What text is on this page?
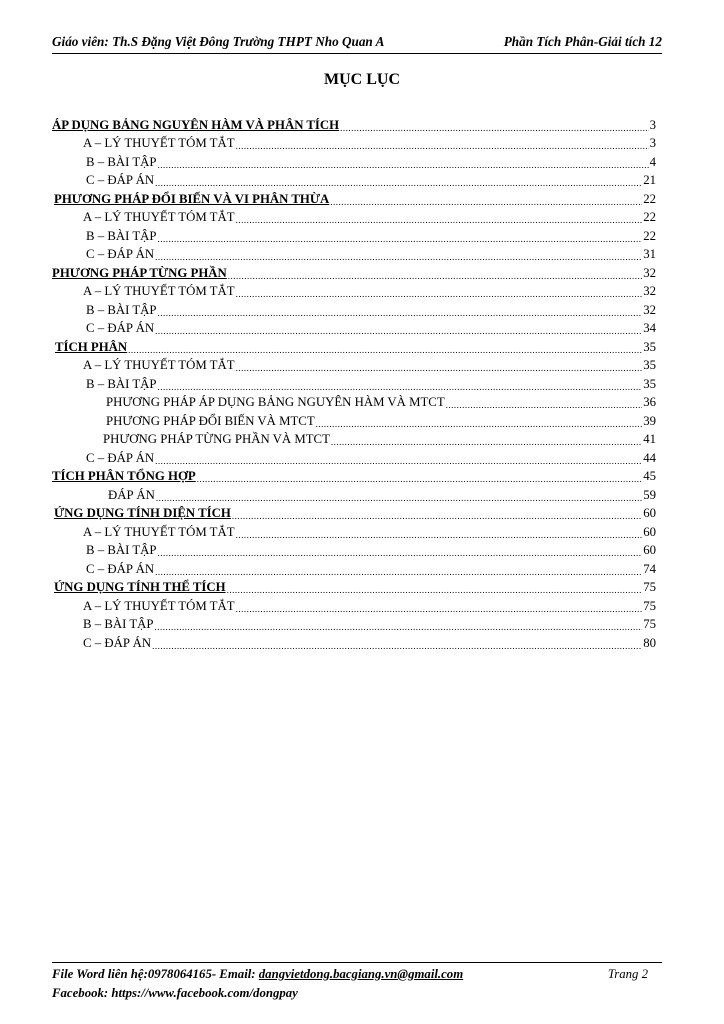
Giáo viên: Th.S Đặng Việt Đông Trường THPT Nho Quan A	Phần Tích Phân-Giải tích 12
MỤC LỤC
ÁP DỤNG BẢNG NGUYÊN HÀM VÀ PHÂN TÍCH .....	3
A – LÝ THUYẾT TÓM TẮT .....	3
B – BÀI TẬP .....	4
C – ĐÁP ÁN .....	21
PHƯƠNG PHÁP ĐỔI BIẾN VÀ VI PHÂN THỪA .....	22
A – LÝ THUYẾT TÓM TẮT .....	22
B – BÀI TẬP .....	22
C – ĐÁP ÁN .....	31
PHƯƠNG PHÁP TỪNG PHẦN .....	32
A – LÝ THUYẾT TÓM TẮT .....	32
B – BÀI TẬP .....	32
C – ĐÁP ÁN .....	34
TÍCH PHÂN .....	35
A – LÝ THUYẾT TÓM TẮT .....	35
B – BÀI TẬP .....	35
PHƯƠNG PHÁP ÁP DỤNG BẢNG NGUYÊN HÀM VÀ MTCT .....	36
PHƯƠNG PHÁP ĐỔI BIẾN VÀ MTCT .....	39
PHƯƠNG PHÁP TỪNG PHẦN VÀ MTCT .....	41
C – ĐÁP ÁN .....	44
TÍCH PHÂN TỔNG HỢP .....	45
ĐÁP ÁN .....	59
ỨNG DỤNG TÍNH DIỆN TÍCH .....	60
A – LÝ THUYẾT TÓM TẮT .....	60
B – BÀI TẬP .....	60
C – ĐÁP ÁN .....	74
ỨNG DỤNG TÍNH THỂ TÍCH .....	75
A – LÝ THUYẾT TÓM TẮT .....	75
B – BÀI TẬP .....	75
C – ĐÁP ÁN .....	80
File Word liên hệ:0978064165- Email: dangvietdong.bacgiang.vn@gmail.com	Trang 2
Facebook: https://www.facebook.com/dongpay
